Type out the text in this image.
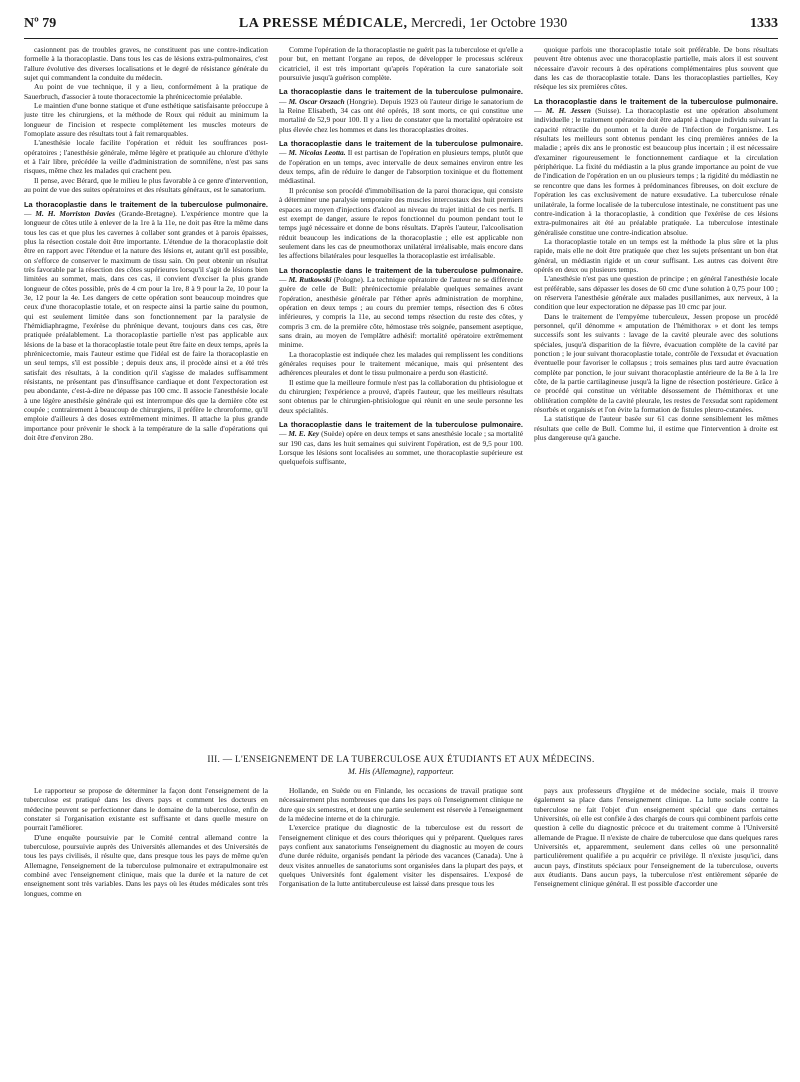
Nº 79	LA PRESSE MÉDICALE, Mercredi, 1er Octobre 1930	1333

casionnent pas de troubles graves, ne constituent pas une contre-indication formelle à la thoracoplastie. Dans tous les cas de lésions extra-pulmonaires, c'est l'allure évolutive des diverses localisations et le degré de résistance générale du sujet qui commandent la conduite du médecin.

Au point de vue technique, il y a lieu, conformément à la pratique de Sauerbruch, d'associer à toute thoracectomie la phrénicectomie préalable.

Le maintien d'une bonne statique et d'une esthétique satisfaisante préoccupe à juste titre les chirurgiens, et la méthode de Roux qui réduit au minimum la longueur de l'incision et respecte complètement les muscles moteurs de l'omoplate assure des résultats tout à fait remarquables.

L'anesthésie locale facilite l'opération et réduit les souffrances post-opératoires ; l'anesthésie générale, même légère et pratiquée au chlorure d'éthyle et à l'air libre, précédée la veille d'administration de somnifène, n'est pas sans risques, même chez les malades qui crachent peu.

Il pense, avec Bérard, que le milieu le plus favorable à ce genre d'intervention, au point de vue des suites opératoires et des résultats généraux, est le sanatorium.

La thoracoplastie dans le traitement de la tuberculose pulmonaire. — M. H. Morriston Davies (Grande-Bretagne). L'expérience montre que la longueur de côtes utile à enlever de la 1re à la 11e, ne doit pas être la même dans tous les cas et que plus les cavernes à collaber sont grandes et à parois épaisses, plus la résection costale doit être importante. L'étendue de la thoracoplastie doit être en rapport avec l'étendue et la nature des lésions et, autant qu'il est possible, on s'efforce de conserver le maximum de tissu sain. On peut obtenir un résultat très favorable par la résection des côtes supérieures lorsqu'il s'agit de lésions bien limitées au sommet, mais, dans ces cas, il convient d'exciser la plus grande longueur de côtes possible, près de 4 cm pour la 1re, 8 à 9 pour la 2e, 10 pour la 3e, 12 pour la 4e. Les dangers de cette opération sont beaucoup moindres que ceux d'une thoracoplastie totale, et on respecte ainsi la partie saine du poumon, qui est seulement limitée dans son fonctionnement par la paralysie de l'hémidiaphragme, l'exérèse du phrénique devant, toujours dans ces cas, être pratiquée préalablement. La thoracoplastie partielle n'est pas applicable aux lésions de la base et la thoracoplastie totale peut être faite en deux temps, après la phrénicectomie, mais l'auteur estime que l'idéal est de faire la thoracoplastie en un seul temps, s'il est possible ; depuis deux ans, il procède ainsi et a été très satisfait des résultats, à la condition qu'il s'agisse de malades suffisamment résistants, ne présentant pas d'insuffisance cardiaque et dont l'expectoration est peu abondante, c'est-à-dire ne dépasse pas 100 cmc. Il associe l'anesthésie locale à une légère anesthésie générale qui est interrompue dès que la dernière côte est coupée ; contrairement à beaucoup de chirurgiens, il préfère le chroroforme, qu'il emploie d'ailleurs à des doses extrêmement minimes. Il attache la plus grande importance pour prévenir le shock à la température de la salle d'opérations qui doit être d'environ 28o.

Comme l'opération de la thoracoplastie ne guérit pas la tuberculose et qu'elle a pour but, en mettant l'organe au repos, de développer le processus scléreux cicatriciel, il est très important qu'après l'opération la cure sanatoriale soit poursuivie jusqu'à guérison complète.

La thoracoplastie dans le traitement de la tuberculose pulmonaire. — M. Oscar Orszach (Hongrie). Depuis 1923 où l'auteur dirige le sanatorium de la Reine Elisabeth, 34 cas ont été opérés, 18 sont morts, ce qui constitue une mortalité de 52,9 pour 100. Il y a lieu de constater que la mortalité opératoire est plus élevée chez les hommes et dans les thoracoplasties droites.
La thoracoplastie dans le traitement de la tuberculose pulmonaire. — M. Nicolas Leotta. Il est partisan de l'opération en plusieurs temps, plutôt que de l'opération en un temps, avec intervalle de deux semaines environ entre les deux temps, afin de réduire le danger de l'absorption toxinique et du flottement médiastinal.

Il préconise son procédé d'immobilisation de la paroi thoracique, qui consiste à déterminer une paralysie temporaire des muscles intercostaux des huit premiers espaces au moyen d'injections d'alcool au niveau du trajet initial de ces nerfs. Il est exempt de danger, assure le repos fonctionnel du poumon pendant tout le temps jugé nécessaire et donne de bons résultats. D'après l'auteur, l'alcoolisation réduit beaucoup les indications de la thoracoplastie ; elle est applicable non seulement dans les cas de pneumothorax unilatéral irréalisable, mais encore dans les affections bilatérales pour lesquelles la thoracoplastie est irréalisable.

La thoracoplastie dans le traitement de la tuberculose pulmonaire. — M. Rutkowski (Pologne). La technique opératoire de l'auteur ne se différencie guère de celle de Bull: phrénicectomie préalable quelques semaines avant l'opération, anesthésie générale par l'éther après administration de morphine, opération en deux temps ; au cours du premier temps, résection des 6 côtes inférieures, y compris la 11e, au second temps résection du reste des côtes, y compris 3 cm. de la première côte, hémostase très soignée, pansement aseptique, sans drain, au moyen de l'emplâtre adhésif: mortalité opératoire extrêmement minime.

La thoracoplastie est indiquée chez les malades qui remplissent les conditions générales requises pour le traitement mécanique, mais qui présentent des adhérences pleurales et dont le tissu pulmonaire a perdu son élasticité.

Il estime que la meilleure formule n'est pas la collaboration du phtisiologue et du chirurgien; l'expérience a prouvé, d'après l'auteur, que les meilleurs résultats sont obtenus par le chirurgien-phtisiologue qui réunit en une seule personne les deux spécialités.

La thoracoplastie dans le traitement de la tuberculose pulmonaire. — M. E. Key (Suède) opère en deux temps et sans anesthésie locale ; sa mortalité sur 190 cas, dans les huit semaines qui suivirent l'opération, est de 9,5 pour 100. Lorsque les lésions sont localisées au sommet, une thoracoplastie supérieure est quelquefois suffisante,

quoique parfois une thoracoplastie totale soit préférable. De bons résultats peuvent être obtenus avec une thoracoplastie partielle, mais alors il est souvent nécessaire d'avoir recours à des opérations complémentaires plus souvent que dans les cas de thoracoplastie totale. Dans les thoracoplasties partielles, Key résèque les six premières côtes.

La thoracoplastie dans le traitement de la tuberculose pulmonaire. — M. H. Jessen (Suisse). La thoracoplastie est une opération absolument individuelle ; le traitement opératoire doit être adapté à chaque individu suivant la capacité rétractile du poumon et la durée de l'infection de l'organisme. Les résultats les meilleurs sont obtenus pendant les cinq premières années de la maladie ; après dix ans le pronostic est beaucoup plus incertain ; il est nécessaire d'examiner rigoureusement le fonctionnement cardiaque et la circulation périphérique. La fixité du médiastin a la plus grande importance au point de vue de l'indication de l'opération en un ou plusieurs temps ; la rigidité du médiastin ne se rencontre que dans les formes à prédominances fibreuses, on doit exclure de l'opération les cas exclusivement de nature exsudative. La tuberculose rénale unilatérale, la forme localisée de la tuberculose intestinale, ne constituent pas une contre-indication à la thoracoplastie, à condition que l'exérèse de ces lésions extra-pulmonaires ait été au préalable pratiquée. La tuberculose intestinale généralisée constitue une contre-indication absolue.

La thoracoplastie totale en un temps est la méthode la plus sûre et la plus rapide, mais elle ne doit être pratiquée que chez les sujets présentant un bon état général, un médiastin rigide et un cœur suffisant. Les autres cas doivent être opérés en deux ou plusieurs temps.

L'anesthésie n'est pas une question de principe ; en général l'anesthésie locale est préférable, sans dépasser les doses de 60 cmc d'une solution à 0,75 pour 100 ; on réservera l'anesthésie générale aux malades pusillanimes, aux nerveux, à la condition que leur expectoration ne dépasse pas 10 cmc par jour.

Dans le traitement de l'empyème tuberculeux, Jessen propose un procédé personnel, qu'il dénomme « amputation de l'hémithorax » et dont les temps successifs sont les suivants : lavage de la cavité pleurale avec des solutions spéciales, jusqu'à disparition de la fièvre, évacuation complète de la cavité par ponction ; le jour suivant thoracoplastie totale, contrôle de l'exsudat et évacuation éventuelle pour favoriser le collapsus ; trois semaines plus tard autre évacuation complète par ponction, le jour suivant thoracoplastie antérieure de la 8e à la 1re côte, de la partie cartilagineuse jusqu'à la ligne de résection postérieure. Grâce à ce procédé qui constitue un véritable désossement de l'hémithorax et une oblitération complète de la cavité pleurale, les restes de l'exsudat sont rapidement résorbés et organisés et l'on évite la formation de fistules pleuro-cutanées.

La statistique de l'auteur basée sur 61 cas donne sensiblement les mêmes résultats que celle de Bull. Comme lui, il estime que l'intervention à droite est plus dangereuse qu'à gauche.

III. — L'ENSEIGNEMENT DE LA TUBERCULOSE AUX ÉTUDIANTS ET AUX MÉDECINS.
M. His (Allemagne), rapporteur.

Le rapporteur se propose de déterminer la façon dont l'enseignement de la tuberculose est pratiqué dans les divers pays et comment les docteurs en médecine peuvent se perfectionner dans le domaine de la tuberculose, enfin de constater si l'organisation existante est suffisante et dans quelle mesure on pourrait l'améliorer.

D'une enquête poursuivie par le Comité central allemand contre la tuberculose, poursuivie auprès des Universités allemandes et des Universités de tous les pays civilisés, il résulte que, dans presque tous les pays de même qu'en Allemagne, l'enseignement de la tuberculose pulmonaire et extrapulmonaire est combiné avec l'enseignement clinique, mais que la durée et la nature de cet enseignement sont très variables. Dans les pays où les études médicales sont très longues, comme en

Hollande, en Suède ou en Finlande, les occasions de travail pratique sont nécessairement plus nombreuses que dans les pays où l'enseignement clinique ne dure que six semestres, et dont une partie seulement est réservée à l'enseignement de la médecine interne et de la chirurgie.

L'exercice pratique du diagnostic de la tuberculose est du ressort de l'enseignement clinique et des cours théoriques qui y préparent. Quelques rares pays confient aux sanatoriums l'enseignement du diagnostic au moyen de cours d'une durée réduite, organisés pendant la période des vacances (Canada). Une à deux visites annuelles de sanatoriums sont organisées dans la plupart des pays, et quelques Universités font également visiter les dispensaires. L'exposé de l'organisation de la lutte antituberculeuse est laissé dans presque tous les

pays aux professeurs d'hygiène et de médecine sociale, mais il trouve également sa place dans l'enseignement clinique. La lutte sociale contre la tuberculose ne fait l'objet d'un enseignement spécial que dans certaines Universités, où elle est confiée à des chargés de cours qui combinent parfois cette question à celle du diagnostic précoce et du traitement comme à l'Université allemande de Prague. Il n'existe de chaire de tuberculose que dans quelques rares Universités et, apparemment, seulement dans celles où une personnalité particulièrement qualifiée a pu acquérir ce privilège. Il n'existe jusqu'ici, dans aucun pays, d'instituts spéciaux pour l'enseignement de la tuberculose, ouverts aux étudiants. Dans aucun pays, la tuberculose n'est entièrement séparée de l'enseignement clinique général. Il est possible d'accorder une
